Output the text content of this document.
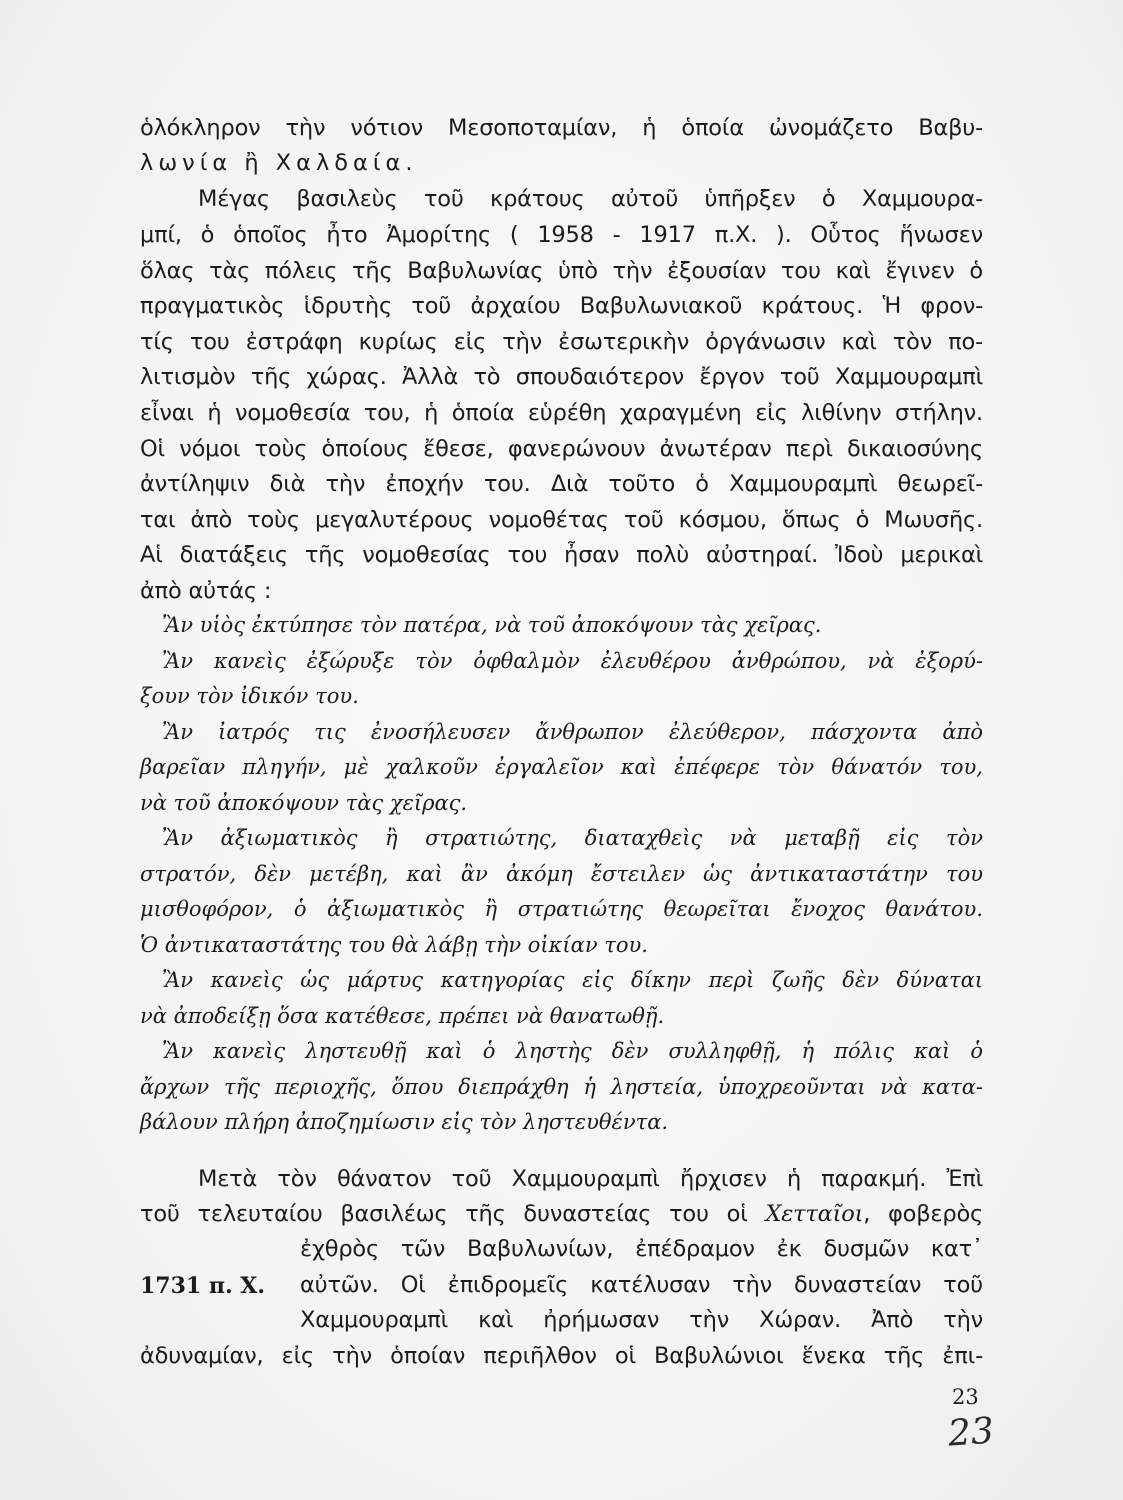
ὁλόκληρον τὴν νότιον Μεσοποταμίαν, ἡ ὁποία ὠνομάζετο Βαβυ-
λωνία ἢ Χαλδαία.
Μέγας βασιλεὺς τοῦ κράτους αὐτοῦ ὑπῆρξεν ὁ Χαμμουρα-
μπί, ὁ ὁποῖος ἦτο Ἀμορίτης ( 1958 - 1917 π.Χ. ). Οὗτος ἥνωσεν
ὅλας τὰς πόλεις τῆς Βαβυλωνίας ὑπὸ τὴν ἐξουσίαν του καὶ ἔγινεν ὁ
πραγματικὸς ἱδρυτὴς τοῦ ἀρχαίου Βαβυλωνιακοῦ κράτους. Ἡ φρον-
τίς του ἐστράφη κυρίως εἰς τὴν ἐσωτερικὴν ὀργάνωσιν καὶ τὸν πο-
λιτισμὸν τῆς χώρας. Ἀλλὰ τὸ σπουδαιότερον ἔργον τοῦ Χαμμουραμπὶ
εἶναι ἡ νομοθεσία του, ἡ ὁποία εὑρέθη χαραγμένη εἰς λιθίνην στήλην.
Οἱ νόμοι τοὺς ὁποίους ἔθεσε, φανερώνουν ἀνωτέραν περὶ δικαιοσύνης
ἀντίληψιν διὰ τὴν ἐποχήν του. Διὰ τοῦτο ὁ Χαμμουραμπὶ θεωρεῖ-
ται ἀπὸ τοὺς μεγαλυτέρους νομοθέτας τοῦ κόσμου, ὅπως ὁ Μωυσῆς.
Αἱ διατάξεις τῆς νομοθεσίας του ἦσαν πολὺ αὐστηραί. Ἰδοὺ μερικαὶ
ἀπὸ αὐτάς :
Ἂν υἱὸς ἐκτύπησε τὸν πατέρα, νὰ τοῦ ἀποκόψουν τὰς χεῖρας.
Ἂν κανεὶς ἐξώρυξε τὸν ὀφθαλμὸν ἐλευθέρου ἀνθρώπου, νὰ ἐξορύ-
ξουν τὸν ἰδικόν του.
Ἂν ἰατρός τις ἐνοσήλευσεν ἄνθρωπον ἐλεύθερον, πάσχοντα ἀπὸ
βαρεῖαν πληγήν, μὲ χαλκοῦν ἐργαλεῖον καὶ ἐπέφερε τὸν θάνατόν του,
νὰ τοῦ ἀποκόψουν τὰς χεῖρας.
Ἂν ἀξιωματικὸς ἢ στρατιώτης, διαταχθεὶς νὰ μεταβῇ εἰς τὸν
στρατόν, δὲν μετέβη, καὶ ἂν ἀκόμη ἔστειλεν ὡς ἀντικαταστάτην του
μισθοφόρον, ὁ ἀξιωματικὸς ἢ στρατιώτης θεωρεῖται ἔνοχος θανάτου.
Ὁ ἀντικαταστάτης του θὰ λάβῃ τὴν οἰκίαν του.
Ἂν κανεὶς ὡς μάρτυς κατηγορίας εἰς δίκην περὶ ζωῆς δὲν δύναται
νὰ ἀποδείξῃ ὅσα κατέθεσε, πρέπει νὰ θανατωθῇ.
Ἂν κανεὶς ληστευθῇ καὶ ὁ ληστὴς δὲν συλληφθῇ, ἡ πόλις καὶ ὁ
ἄρχων τῆς περιοχῆς, ὅπου διεπράχθη ἡ ληστεία, ὑποχρεοῦνται νὰ κατα-
βάλουν πλήρη ἀποζημίωσιν εἰς τὸν ληστευθέντα.
Μετὰ τὸν θάνατον τοῦ Χαμμουραμπὶ ἤρχισεν ἡ παρακμή. Ἐπὶ
τοῦ τελευταίου βασιλέως τῆς δυναστείας του οἱ Χετταῖοι, φοβερὸς
ἐχθρὸς τῶν Βαβυλωνίων, ἐπέδραμον ἐκ δυσμῶν κατ᾽
αὐτῶν. Οἱ ἐπιδρομεῖς κατέλυσαν τὴν δυναστείαν τοῦ
Χαμμουραμπὶ καὶ ἠρήμωσαν τὴν Χώραν. Ἀπὸ τὴν
ἀδυναμίαν, εἰς τὴν ὁποίαν περιῆλθον οἱ Βαβυλώνιοι ἕνεκα τῆς ἐπι-
1731 π. Χ.
23
23
